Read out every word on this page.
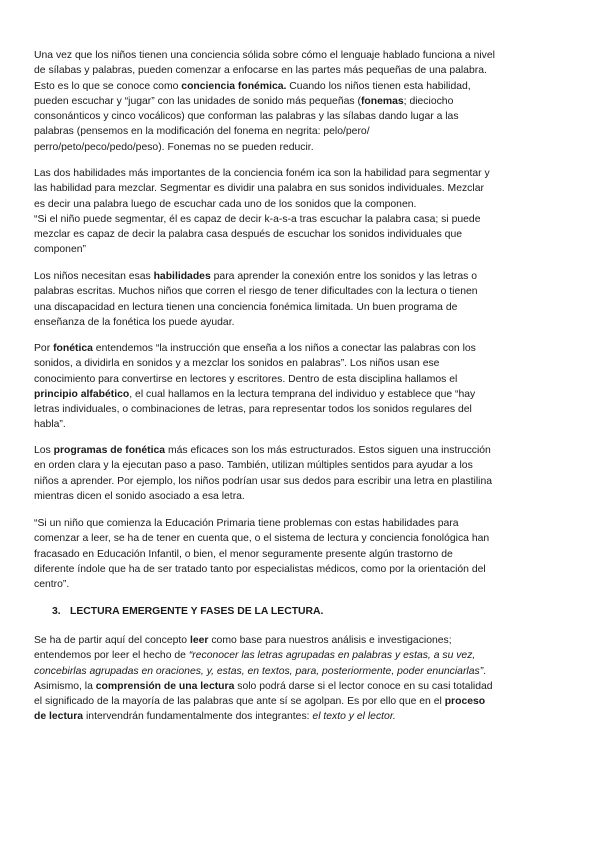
Una vez que los niños tienen una conciencia sólida sobre cómo el lenguaje hablado funciona a nivel
de sílabas y palabras, pueden comenzar a enfocarse en las partes más pequeñas de una palabra.
Esto es lo que se conoce como conciencia fonémica. Cuando los niños tienen esta habilidad,
pueden escuchar y “jugar” con las unidades de sonido más pequeñas (fonemas; dieciocho
consonánticos y cinco vocálicos) que conforman las palabras y las sílabas dando lugar a las
palabras (pensemos en la modificación del fonema en negrita: pelo/pero/
perro/peto/peco/pedo/peso). Fonemas no se pueden reducir.
Las dos habilidades más importantes de la conciencia foném ica son la habilidad para segmentar y
las habilidad para mezclar. Segmentar es dividir una palabra en sus sonidos individuales. Mezclar
es decir una palabra luego de escuchar cada uno de los sonidos que la componen.
“Si el niño puede segmentar, él es capaz de decir k-a-s-a tras escuchar la palabra casa; si puede
mezclar es capaz de decir la palabra casa después de escuchar los sonidos individuales que
componen”
Los niños necesitan esas habilidades para aprender la conexión entre los sonidos y las letras o
palabras escritas. Muchos niños que corren el riesgo de tener dificultades con la lectura o tienen
una discapacidad en lectura tienen una conciencia fonémica limitada. Un buen programa de
enseñanza de la fonética los puede ayudar.
Por fonética entendemos “la instrucción que enseña a los niños a conectar las palabras con los
sonidos, a dividirla en sonidos y a mezclar los sonidos en palabras”. Los niños usan ese
conocimiento para convertirse en lectores y escritores. Dentro de esta disciplina hallamos el
principio alfabético, el cual hallamos en la lectura temprana del individuo y establece que “hay
letras individuales, o combinaciones de letras, para representar todos los sonidos regulares del
habla”.
Los programas de fonética más eficaces son los más estructurados. Estos siguen una instrucción
en orden clara y la ejecutan paso a paso. También, utilizan múltiples sentidos para ayudar a los
niños a aprender. Por ejemplo, los niños podrían usar sus dedos para escribir una letra en plastilina
mientras dicen el sonido asociado a esa letra.
“Si un niño que comienza la Educación Primaria tiene problemas con estas habilidades para
comenzar a leer, se ha de tener en cuenta que, o el sistema de lectura y conciencia fonológica han
fracasado en Educación Infantil, o bien, el menor seguramente presente algún trastorno de
diferente índole que ha de ser tratado tanto por especialistas médicos, como por la orientación del
centro”.
3. LECTURA EMERGENTE Y FASES DE LA LECTURA.
Se ha de partir aquí del concepto leer como base para nuestros análisis e investigaciones;
entendemos por leer el hecho de “reconocer las letras agrupadas en palabras y estas, a su vez,
concebirlas agrupadas en oraciones, y, estas, en textos, para, posteriormente, poder enunciarlas”.
Asimismo, la comprensión de una lectura solo podrá darse si el lector conoce en su casi totalidad
el significado de la mayoría de las palabras que ante sí se agolpan. Es por ello que en el proceso
de lectura intervendrán fundamentalmente dos integrantes: el texto y el lector.
